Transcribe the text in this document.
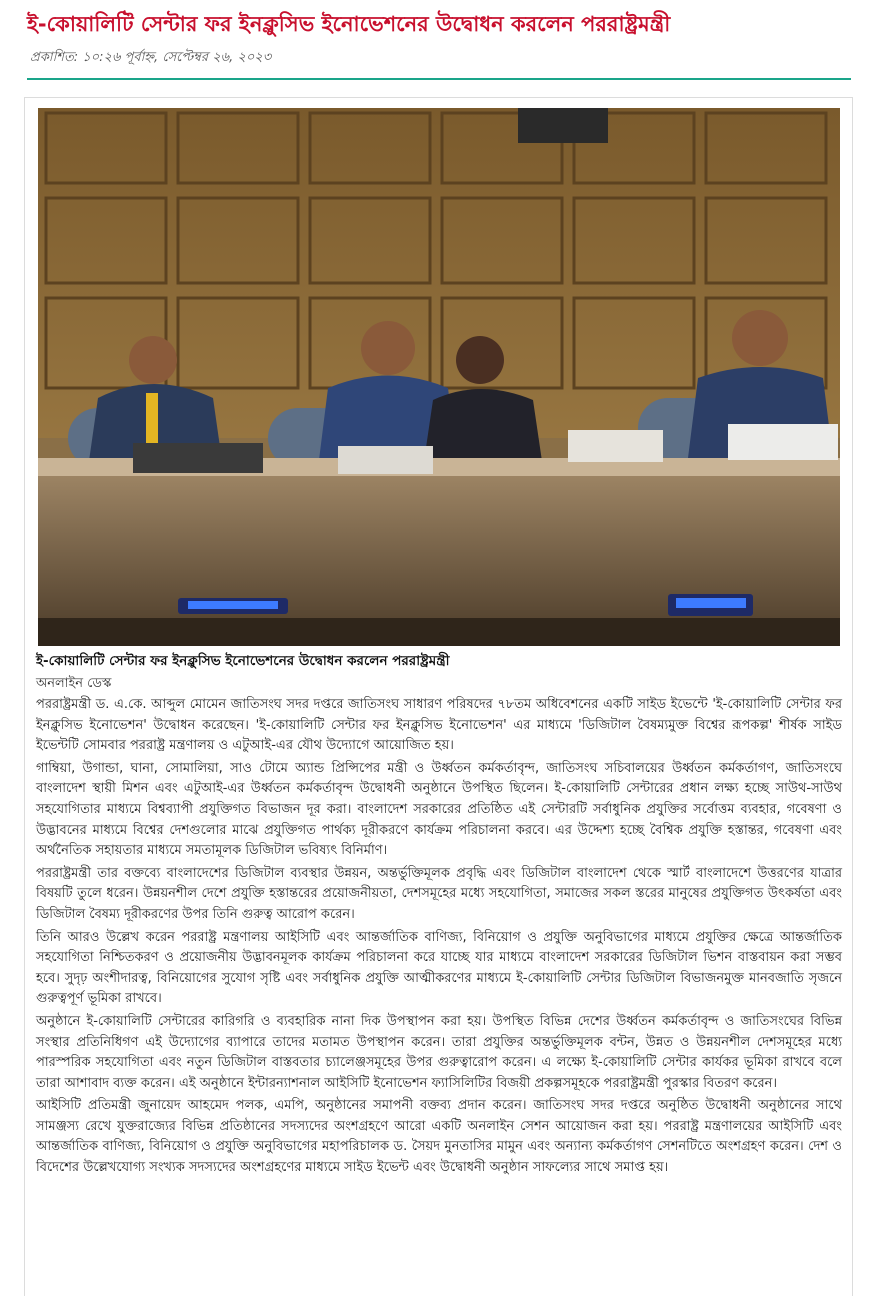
ই-কোয়ালিটি সেন্টার ফর ইনক্লুসিভ ইনোভেশনের উদ্বোধন করলেন পররাষ্ট্রমন্ত্রী
প্রকাশিত: ১০:২৬ পূর্বাহ্ন, সেপ্টেম্বর ২৬, ২০২৩
ই-কোয়ালিটি সেন্টার ফর ইনক্লুসিভ ইনোভেশনের উদ্বোধন করলেন পররাষ্ট্রমন্ত্রী
অনলাইন ডেস্ক

পররাষ্ট্রমন্ত্রী ড. এ.কে. আব্দুল মোমেন জাতিসংঘ সদর দপ্তরে জাতিসংঘ সাধারণ পরিষদের ৭৮তম অধিবেশনের একটি সাইড ইভেন্টে 'ই-কোয়ালিটি সেন্টার ফর ইনক্লুসিভ ইনোভেশন' উদ্বোধন করেছেন। 'ই-কোয়ালিটি সেন্টার ফর ইনক্লুসিভ ইনোভেশন' এর মাধ্যমে 'ডিজিটাল বৈষম্যমুক্ত বিশ্বের রূপকল্প' শীর্ষক সাইড ইভেন্টটি সোমবার পররাষ্ট্র মন্ত্রণালয় ও এটুআই-এর যৌথ উদ্যোগে আয়োজিত হয়।

গাম্বিয়া, উগান্ডা, ঘানা, সোমালিয়া, সাও টোমে অ্যান্ড প্রিন্সিপের মন্ত্রী ও উর্ধ্বতন কর্মকর্তাবৃন্দ, জাতিসংঘ সচিবালয়ের উর্ধ্বতন কর্মকর্তাগণ, জাতিসংঘে বাংলাদেশ স্থায়ী মিশন এবং এটুআই-এর উর্ধ্বতন কর্মকর্তাবৃন্দ উদ্বোধনী অনুষ্ঠানে উপস্থিত ছিলেন। ই-কোয়ালিটি সেন্টারের প্রধান লক্ষ্য হচ্ছে সাউথ-সাউথ সহযোগিতার মাধ্যমে বিশ্বব্যাপী প্রযুক্তিগত বিভাজন দূর করা। বাংলাদেশ সরকারের প্রতিষ্ঠিত এই সেন্টারটি সর্বাধুনিক প্রযুক্তির সর্বোত্তম ব্যবহার, গবেষণা ও উদ্ভাবনের মাধ্যমে বিশ্বের দেশগুলোর মাঝে প্রযুক্তিগত পার্থক্য দূরীকরণে কার্যক্রম পরিচালনা করবে। এর উদ্দেশ্য হচ্ছে বৈশ্বিক প্রযুক্তি হস্তান্তর, গবেষণা এবং অর্থনৈতিক সহায়তার মাধ্যমে সমতামূলক ডিজিটাল ভবিষ্যৎ বিনির্মাণ।

পররাষ্ট্রমন্ত্রী তার বক্তব্যে বাংলাদেশের ডিজিটাল ব্যবস্থার উন্নয়ন, অন্তর্ভুক্তিমূলক প্রবৃদ্ধি এবং ডিজিটাল বাংলাদেশ থেকে স্মার্ট বাংলাদেশে উত্তরণের যাত্রার বিষয়টি তুলে ধরেন। উন্নয়নশীল দেশে প্রযুক্তি হস্তান্তরের প্রয়োজনীয়তা, দেশসমূহের মধ্যে সহযোগিতা, সমাজের সকল স্তরের মানুষের প্রযুক্তিগত উৎকর্ষতা এবং ডিজিটাল বৈষম্য দূরীকরণের উপর তিনি গুরুত্ব আরোপ করেন।

তিনি আরও উল্লেখ করেন পররাষ্ট্র মন্ত্রণালয় আইসিটি এবং আন্তর্জাতিক বাণিজ্য, বিনিয়োগ ও প্রযুক্তি অনুবিভাগের মাধ্যমে প্রযুক্তির ক্ষেত্রে আন্তর্জাতিক সহযোগিতা নিশ্চিতকরণ ও প্রয়োজনীয় উদ্ভাবনমূলক কার্যক্রম পরিচালনা করে যাচ্ছে যার মাধ্যমে বাংলাদেশ সরকারের ডিজিটাল ভিশন বাস্তবায়ন করা সম্ভব হবে। সুদৃঢ় অংশীদারত্ব, বিনিয়োগের সুযোগ সৃষ্টি এবং সর্বাধুনিক প্রযুক্তি আত্মীকরণের মাধ্যমে ই-কোয়ালিটি সেন্টার ডিজিটাল বিভাজনমুক্ত মানবজাতি সৃজনে গুরুত্বপূর্ণ ভূমিকা রাখবে।

অনুষ্ঠানে ই-কোয়ালিটি সেন্টারের কারিগরি ও ব্যবহারিক নানা দিক উপস্থাপন করা হয়। উপস্থিত বিভিন্ন দেশের উর্ধ্বতন কর্মকর্তাবৃন্দ ও জাতিসংঘের বিভিন্ন সংস্থার প্রতিনিধিগণ এই উদ্যোগের ব্যাপারে তাদের মতামত উপস্থাপন করেন। তারা প্রযুক্তির অন্তর্ভুক্তিমূলক বন্টন, উন্নত ও উন্নয়নশীল দেশসমূহের মধ্যে পারস্পরিক সহযোগিতা এবং নতুন ডিজিটাল বাস্তবতার চ্যালেঞ্জসমূহের উপর গুরুত্বারোপ করেন। এ লক্ষ্যে ই-কোয়ালিটি সেন্টার কার্যকর ভূমিকা রাখবে বলে তারা আশাবাদ ব্যক্ত করেন। এই অনুষ্ঠানে ইন্টারন্যাশনাল আইসিটি ইনোভেশন ফ্যাসিলিটির বিজয়ী প্রকল্পসমূহকে পররাষ্ট্রমন্ত্রী পুরস্কার বিতরণ করেন।

আইসিটি প্রতিমন্ত্রী জুনায়েদ আহমেদ পলক, এমপি, অনুষ্ঠানের সমাপনী বক্তব্য প্রদান করেন। জাতিসংঘ সদর দপ্তরে অনুষ্ঠিত উদ্বোধনী অনুষ্ঠানের সাথে সামঞ্জস্য রেখে যুক্তরাজ্যের বিভিন্ন প্রতিষ্ঠানের সদস্যদের অংশগ্রহণে আরো একটি অনলাইন সেশন আয়োজন করা হয়। পররাষ্ট্র মন্ত্রণালয়ের আইসিটি এবং আন্তর্জাতিক বাণিজ্য, বিনিয়োগ ও প্রযুক্তি অনুবিভাগের মহাপরিচালক ড. সৈয়দ মুনতাসির মামুন এবং অন্যান্য কর্মকর্তাগণ সেশনটিতে অংশগ্রহণ করেন। দেশ ও বিদেশের উল্লেখযোগ্য সংখ্যক সদস্যদের অংশগ্রহণের মাধ্যমে সাইড ইভেন্ট এবং উদ্বোধনী অনুষ্ঠান সাফল্যের সাথে সমাপ্ত হয়।
